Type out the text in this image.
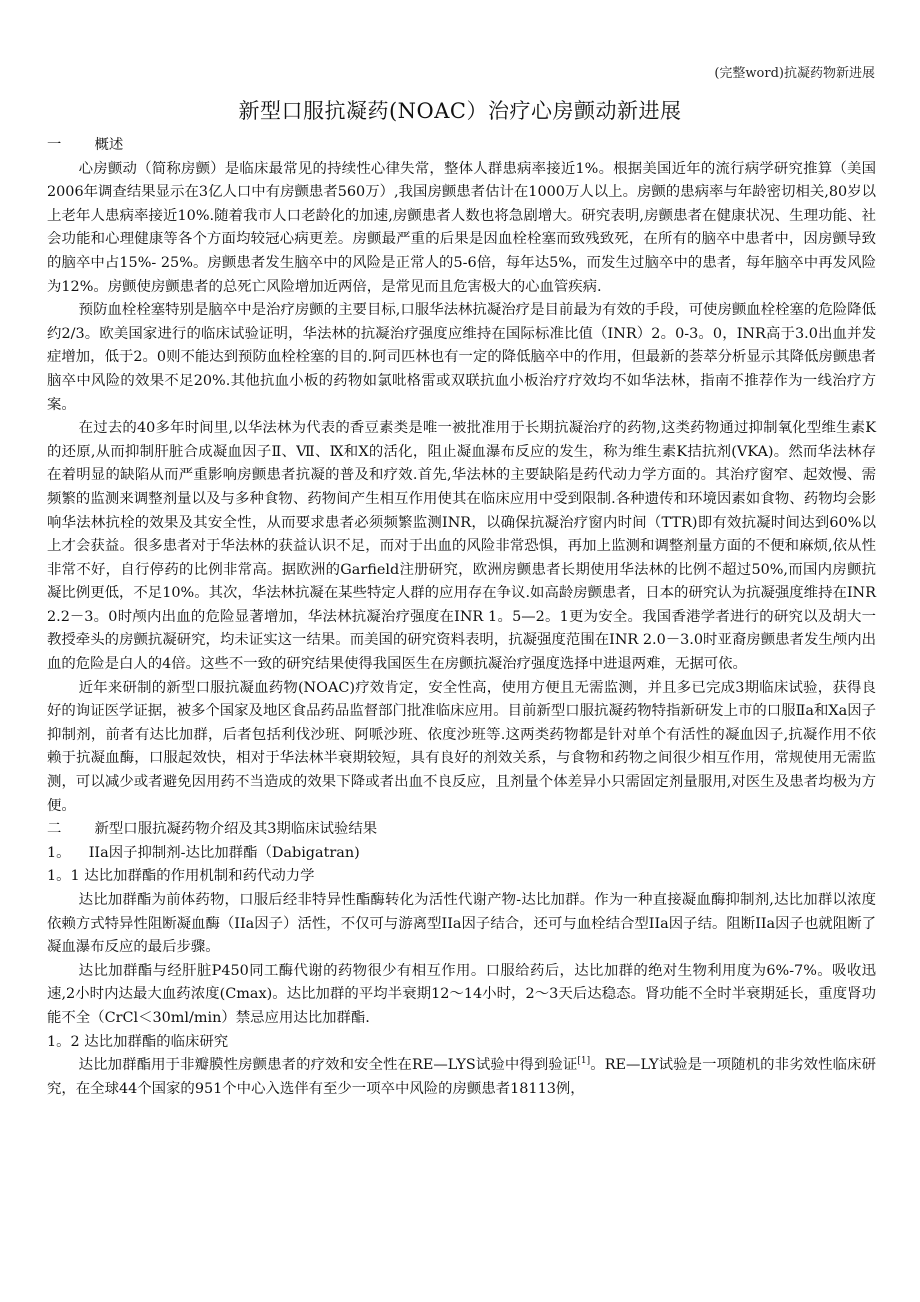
(完整word)抗凝药物新进展
新型口服抗凝药(NOAC）治疗心房颤动新进展

一 概述

心房颤动（简称房颤）是临床最常见的持续性心律失常，整体人群患病率接近1%。根据美国近年的流行病学研究推算（美国2006年调查结果显示在3亿人口中有房颤患者560万）,我国房颤患者估计在1000万人以上。房颤的患病率与年龄密切相关,80岁以上老年人患病率接近10%.随着我市人口老龄化的加速,房颤患者人数也将急剧增大。研究表明,房颤患者在健康状况、生理功能、社会功能和心理健康等各个方面均较冠心病更差。房颤最严重的后果是因血栓栓塞而致残致死，在所有的脑卒中患者中，因房颤导致的脑卒中占15%- 25%。房颤患者发生脑卒中的风险是正常人的5-6倍，每年达5%，而发生过脑卒中的患者，每年脑卒中再发风险为12%。房颤使房颤患者的总死亡风险增加近两倍，是常见而且危害极大的心血管疾病.

预防血栓栓塞特别是脑卒中是治疗房颤的主要目标,口服华法林抗凝治疗是目前最为有效的手段，可使房颤血栓栓塞的危险降低约2/3。欧美国家进行的临床试验证明，华法林的抗凝治疗强度应维持在国际标准比值（INR）2。0-3。0，INR高于3.0出血并发症增加，低于2。0则不能达到预防血栓栓塞的目的.阿司匹林也有一定的降低脑卒中的作用，但最新的荟萃分析显示其降低房颤患者脑卒中风险的效果不足20%.其他抗血小板的药物如氯吡格雷或双联抗血小板治疗疗效均不如华法林，指南不推荐作为一线治疗方案。

在过去的40多年时间里,以华法林为代表的香豆素类是唯一被批准用于长期抗凝治疗的药物,这类药物通过抑制氧化型维生素K的还原,从而抑制肝脏合成凝血因子Ⅱ、Ⅶ、Ⅸ和Ⅹ的活化，阻止凝血瀑布反应的发生，称为维生素K拮抗剂(VKA)。然而华法林存在着明显的缺陷从而严重影响房颤患者抗凝的普及和疗效.首先,华法林的主要缺陷是药代动力学方面的。其治疗窗窄、起效慢、需频繁的监测来调整剂量以及与多种食物、药物间产生相互作用使其在临床应用中受到限制.各种遗传和环境因素如食物、药物均会影响华法林抗栓的效果及其安全性，从而要求患者必须频繁监测INR，以确保抗凝治疗窗内时间（TTR)即有效抗凝时间达到60%以上才会获益。很多患者对于华法林的获益认识不足，而对于出血的风险非常恐惧，再加上监测和调整剂量方面的不便和麻烦,依从性非常不好，自行停药的比例非常高。据欧洲的Garfield注册研究，欧洲房颤患者长期使用华法林的比例不超过50%,而国内房颤抗凝比例更低，不足10%。其次，华法林抗凝在某些特定人群的应用存在争议.如高龄房颤患者，日本的研究认为抗凝强度维持在INR 2.2－3。0时颅内出血的危险显著增加，华法林抗凝治疗强度在INR 1。5—2。1更为安全。我国香港学者进行的研究以及胡大一教授牵头的房颤抗凝研究，均未证实这一结果。而美国的研究资料表明，抗凝强度范围在INR 2.0－3.0时亚裔房颤患者发生颅内出血的危险是白人的4倍。这些不一致的研究结果使得我国医生在房颤抗凝治疗强度选择中进退两难，无据可依。

近年来研制的新型口服抗凝血药物(NOAC)疗效肯定，安全性高，使用方便且无需监测，并且多已完成3期临床试验，获得良好的询证医学证据，被多个国家及地区食品药品监督部门批准临床应用。目前新型口服抗凝药物特指新研发上市的口服Ⅱa和Ⅹa因子抑制剂，前者有达比加群，后者包括利伐沙班、阿哌沙班、依度沙班等.这两类药物都是针对单个有活性的凝血因子,抗凝作用不依赖于抗凝血酶，口服起效快，相对于华法林半衰期较短，具有良好的剂效关系，与食物和药物之间很少相互作用，常规使用无需监测，可以减少或者避免因用药不当造成的效果下降或者出血不良反应，且剂量个体差异小只需固定剂量服用,对医生及患者均极为方便。

二 新型口服抗凝药物介绍及其3期临床试验结果

1。 IIa因子抑制剂-达比加群酯（Dabigatran)

1。1 达比加群酯的作用机制和药代动力学

达比加群酯为前体药物，口服后经非特异性酯酶转化为活性代谢产物-达比加群。作为一种直接凝血酶抑制剂,达比加群以浓度依赖方式特异性阻断凝血酶（IIa因子）活性，不仅可与游离型IIa因子结合，还可与血栓结合型IIa因子结。阻断IIa因子也就阻断了凝血瀑布反应的最后步骤。

达比加群酯与经肝脏P450同工酶代谢的药物很少有相互作用。口服给药后，达比加群的绝对生物利用度为6%-7%。吸收迅速,2小时内达最大血药浓度(Cmax)。达比加群的平均半衰期12～14小时，2～3天后达稳态。肾功能不全时半衰期延长，重度肾功能不全（CrCl＜30ml/min）禁忌应用达比加群酯.

1。2 达比加群酯的临床研究

达比加群酯用于非瓣膜性房颤患者的疗效和安全性在RE—LYS试验中得到验证[1]。RE—LY试验是一项随机的非劣效性临床研究，在全球44个国家的951个中心入选伴有至少一项卒中风险的房颤患者18113例，
